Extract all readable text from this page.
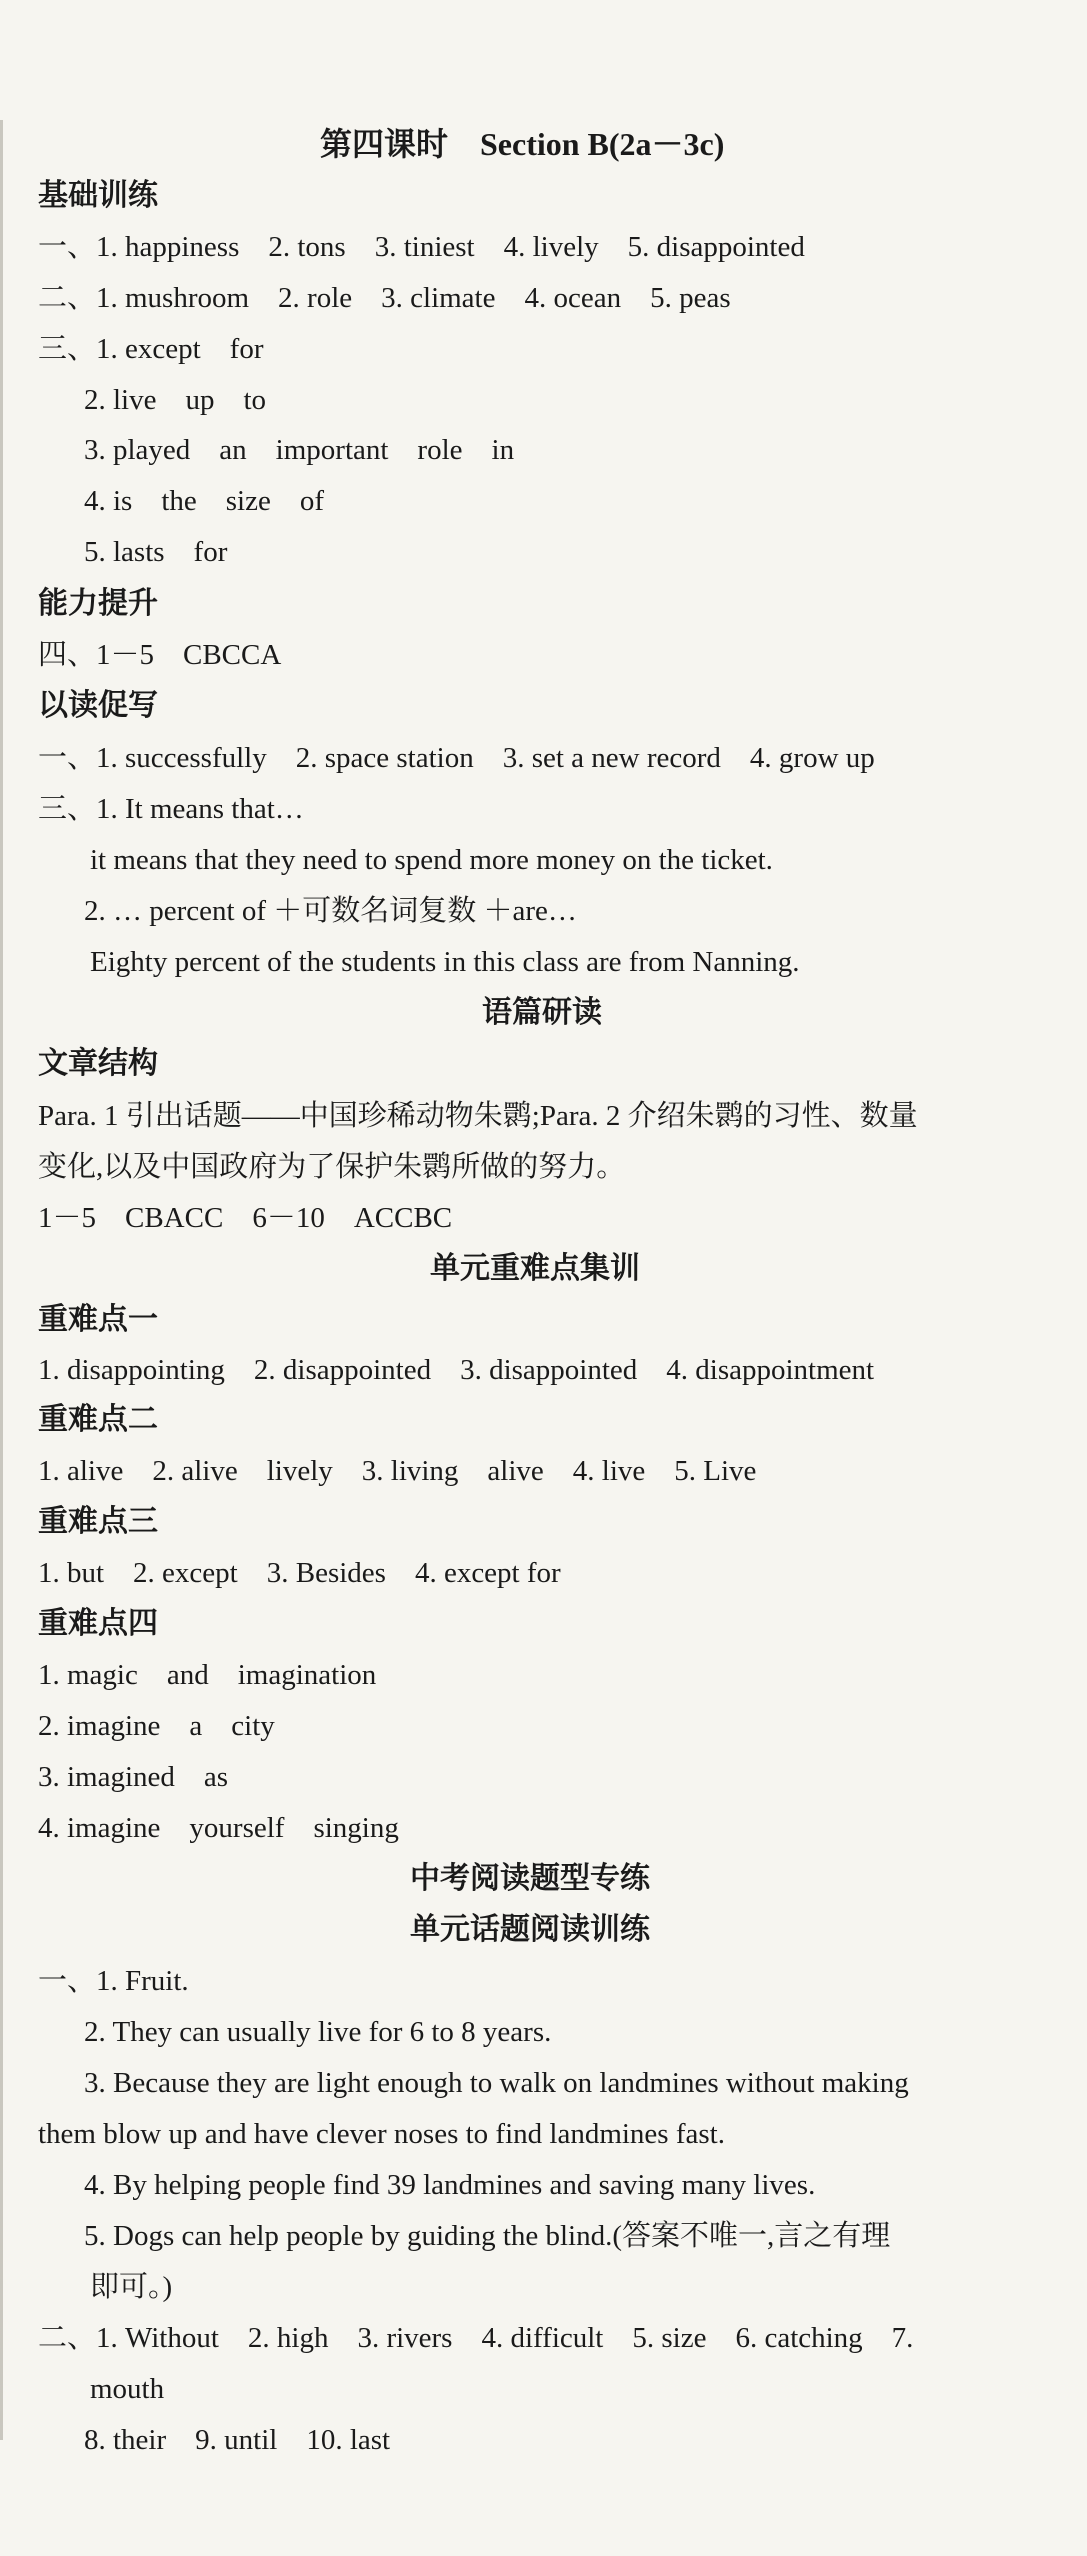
第四课时　Section B(2a－3c)
基础训练
一、1. happiness　2. tons　3. tiniest　4. lively　5. disappointed
二、1. mushroom　2. role　3. climate　4. ocean　5. peas
三、1. except　for
2. live　up　to
3. played　an　important　role　in
4. is　the　size　of
5. lasts　for
能力提升
四、1－5　CBCCA
以读促写
一、1. successfully　2. space station　3. set a new record　4. grow up
三、1. It means that…
it means that they need to spend more money on the ticket.
2. … percent of ＋可数名词复数 ＋are…
Eighty percent of the students in this class are from Nanning.
语篇研读
文章结构
Para. 1 引出话题——中国珍稀动物朱鹮;Para. 2 介绍朱鹮的习性、数量
变化,以及中国政府为了保护朱鹮所做的努力。
1－5　CBACC　6－10　ACCBC
单元重难点集训
重难点一
1. disappointing　2. disappointed　3. disappointed　4. disappointment
重难点二
1. alive　2. alive　lively　3. living　alive　4. live　5. Live
重难点三
1. but　2. except　3. Besides　4. except for
重难点四
1. magic　and　imagination
2. imagine　a　city
3. imagined　as
4. imagine　yourself　singing
中考阅读题型专练
单元话题阅读训练
一、1. Fruit.
2. They can usually live for 6 to 8 years.
3. Because they are light enough to walk on landmines without making
them blow up and have clever noses to find landmines fast.
4. By helping people find 39 landmines and saving many lives.
5. Dogs can help people by guiding the blind.(答案不唯一,言之有理
即可。)
二、1. Without　2. high　3. rivers　4. difficult　5. size　6. catching　7.
mouth
8. their　9. until　10. last
